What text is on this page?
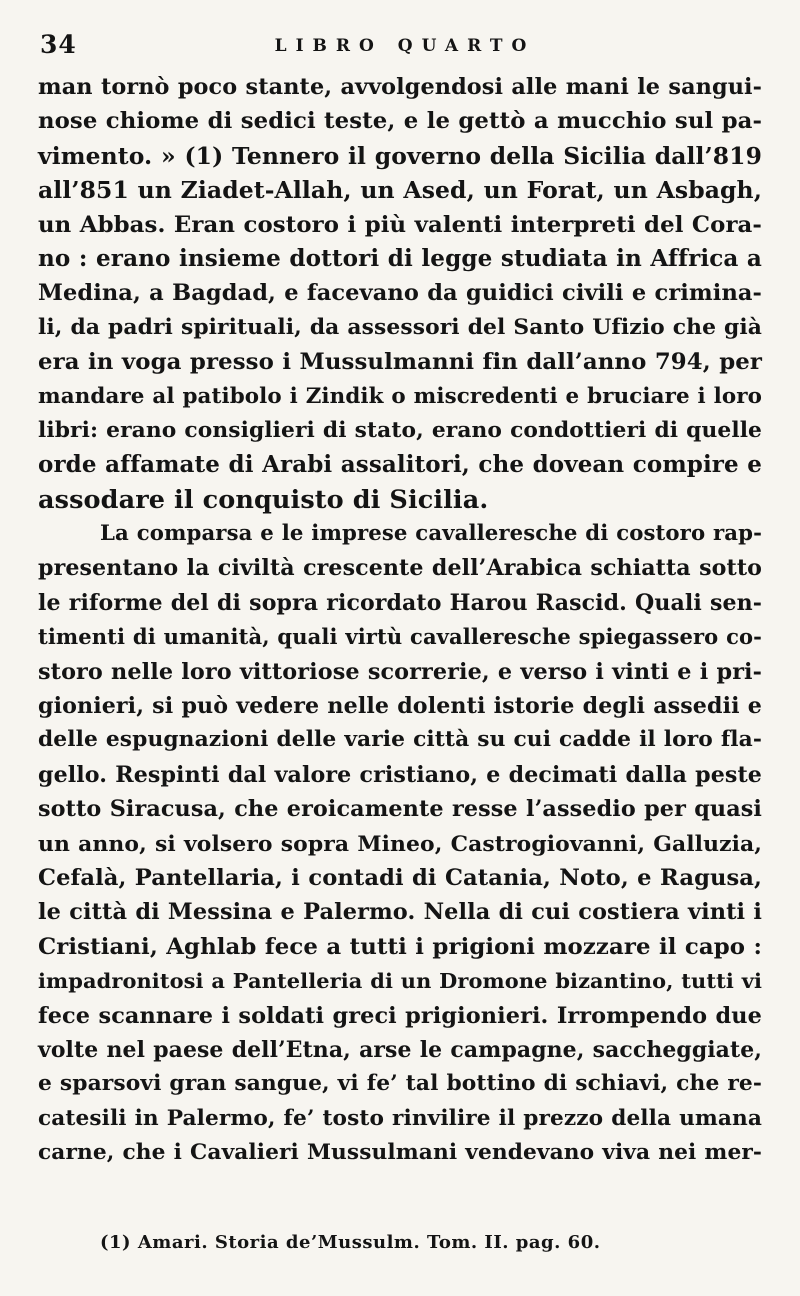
34	LIBRO QUARTO
man tornò poco stante, avvolgendosi alle mani le sangui-
nose chiome di sedici teste, e le gettò a mucchio sul pa-
vimento. » (1) Tennero il governo della Sicilia dall’819
all’851 un Ziadet-Allah, un Ased, un Forat, un Asbagh,
un Abbas. Eran costoro i più valenti interpreti del Cora-
no : erano insieme dottori di legge studiata in Affrica a
Medina, a Bagdad, e facevano da guidici civili e crimina-
li, da padri spirituali, da assessori del Santo Ufizio che già
era in voga presso i Mussulmanni fin dall’anno 794, per
mandare al patibolo i Zindik o miscredenti e bruciare i loro
libri: erano consiglieri di stato, erano condottieri di quelle
orde affamate di Arabi assalitori, che dovean compire e
assodare il conquisto di Sicilia.
La comparsa e le imprese cavalleresche di costoro rap-
presentano la civiltà crescente dell’Arabica schiatta sotto
le riforme del di sopra ricordato Harou Rascid. Quali sen-
timenti di umanità, quali virtù cavalleresche spiegassero co-
storo nelle loro vittoriose scorrerie, e verso i vinti e i pri-
gionieri, si può vedere nelle dolenti istorie degli assedii e
delle espugnazioni delle varie città su cui cadde il loro fla-
gello. Respinti dal valore cristiano, e decimati dalla peste
sotto Siracusa, che eroicamente resse l’assedio per quasi
un anno, si volsero sopra Mineo, Castrogiovanni, Galluzia,
Cefalà, Pantellaria, i contadi di Catania, Noto, e Ragusa,
le città di Messina e Palermo. Nella di cui costiera vinti i
Cristiani, Aghlab fece a tutti i prigioni mozzare il capo :
impadronitosi a Pantelleria di un Dromone bizantino, tutti vi
fece scannare i soldati greci prigionieri. Irrompendo due
volte nel paese dell’Etna, arse le campagne, saccheggiate,
e sparsovi gran sangue, vi fe’ tal bottino di schiavi, che re-
catesili in Palermo, fe’ tosto rinvilire il prezzo della umana
carne, che i Cavalieri Mussulmani vendevano viva nei mer-
(1) Amari. Storia de’Mussulm. Tom. II. pag. 60.
